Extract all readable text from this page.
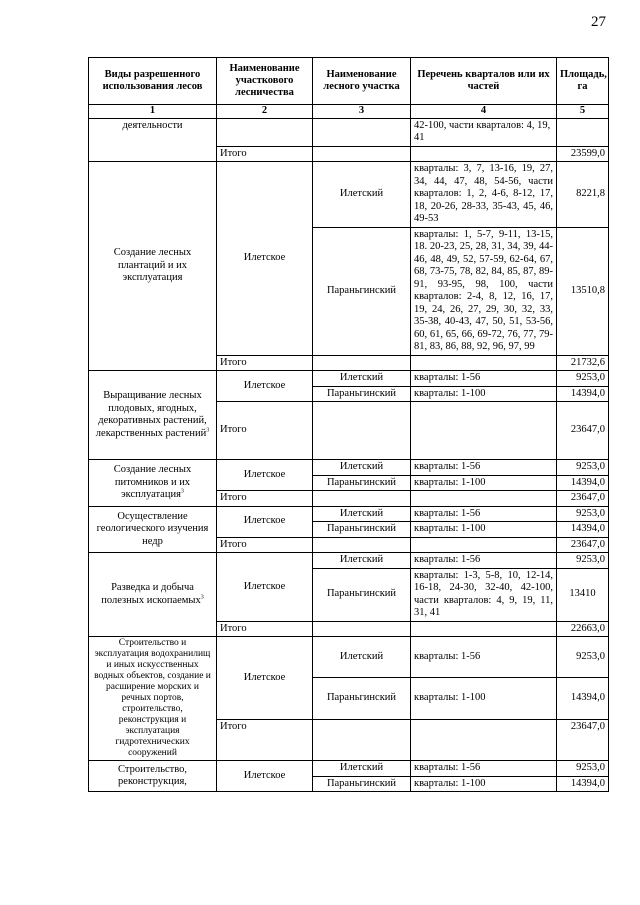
27
Виды разрешенного использования лесов	Наименование участкового лесничества	Наименование лесного участка	Перечень кварталов или их частей	Площадь, га
1	2	3	4	5
деятельности			42-100, части кварталов: 4, 19, 41	
	Итого			23599,0
Создание лесных плантаций и их эксплуатация	Илетское	Илетский	кварталы: 3, 7, 13-16, 19, 27, 34, 44, 47, 48, 54-56, части кварталов: 1, 2, 4-6, 8-12, 17, 18, 20-26, 28-33, 35-43, 45, 46, 49-53	8221,8
		Параньгинский	кварталы: 1, 5-7, 9-11, 13-15, 18. 20-23, 25, 28, 31, 34, 39, 44-46, 48, 49, 52, 57-59, 62-64, 67, 68, 73-75, 78, 82, 84, 85, 87, 89- 91, 93-95, 98, 100, части кварталов: 2-4, 8, 12, 16, 17, 19, 24, 26, 27, 29, 30, 32, 33, 35-38, 40-43, 47, 50, 51, 53-56, 60, 61, 65, 66, 69-72, 76, 77, 79-81, 83, 86, 88, 92, 96, 97, 99	13510,8
	Итого			21732,6
Выращивание лесных плодовых, ягодных, декоративных растений, лекарственных растений$^3$	Илетское	Илетский	кварталы: 1-56	9253,0
		Параньгинский	кварталы: 1-100	14394,0
	Итого			23647,0
Создание лесных питомников и их эксплуатация$^3$	Илетское	Илетский	кварталы: 1-56	9253,0
		Параньгинский	кварталы: 1-100	14394,0
	Итого			23647,0
Осуществление геологического изучения недр	Илетское	Илетский	кварталы: 1-56	9253,0
		Параньгинский	кварталы: 1-100	14394,0
	Итого			23647,0
Разведка и добыча полезных ископаемых$^3$	Илетское	Илетский	кварталы: 1-56	9253,0
		Параньгинский	кварталы: 1-3, 5-8, 10, 12-14, 16-18, 24-30, 32-40, 42-100, части кварталов: 4, 9, 19, 11, 31, 41	13410
	Итого			22663,0
Строительство и эксплуатация водохранилищ и иных искусственных водных объектов, создание и расширение морских и речных портов, строительство, реконструкция и эксплуатация гидротехнических сооружений	Илетское	Илетский	кварталы: 1-56	9253,0
		Параньгинский	кварталы: 1-100	14394,0
	Итого			23647,0
Строительство, реконструкция,	Илетское	Илетский	кварталы: 1-56	9253,0
		Параньгинский	кварталы: 1-100	14394,0
